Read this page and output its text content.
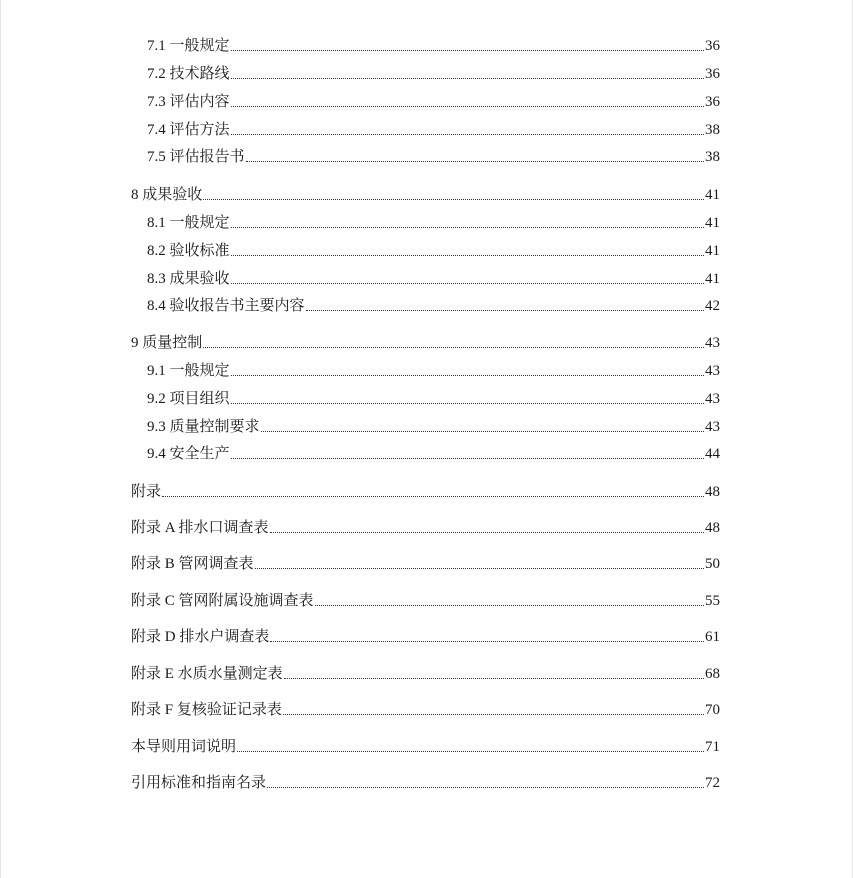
7.1 一般规定	36
7.2 技术路线	36
7.3 评估内容	36
7.4 评估方法	38
7.5 评估报告书	38
8 成果验收	41
8.1 一般规定	41
8.2 验收标准	41
8.3 成果验收	41
8.4 验收报告书主要内容	42
9 质量控制	43
9.1 一般规定	43
9.2 项目组织	43
9.3 质量控制要求	43
9.4 安全生产	44
附录	48
附录 A 排水口调查表	48
附录 B 管网调查表	50
附录 C 管网附属设施调查表	55
附录 D 排水户调查表	61
附录 E 水质水量测定表	68
附录 F 复核验证记录表	70
本导则用词说明	71
引用标准和指南名录	72
